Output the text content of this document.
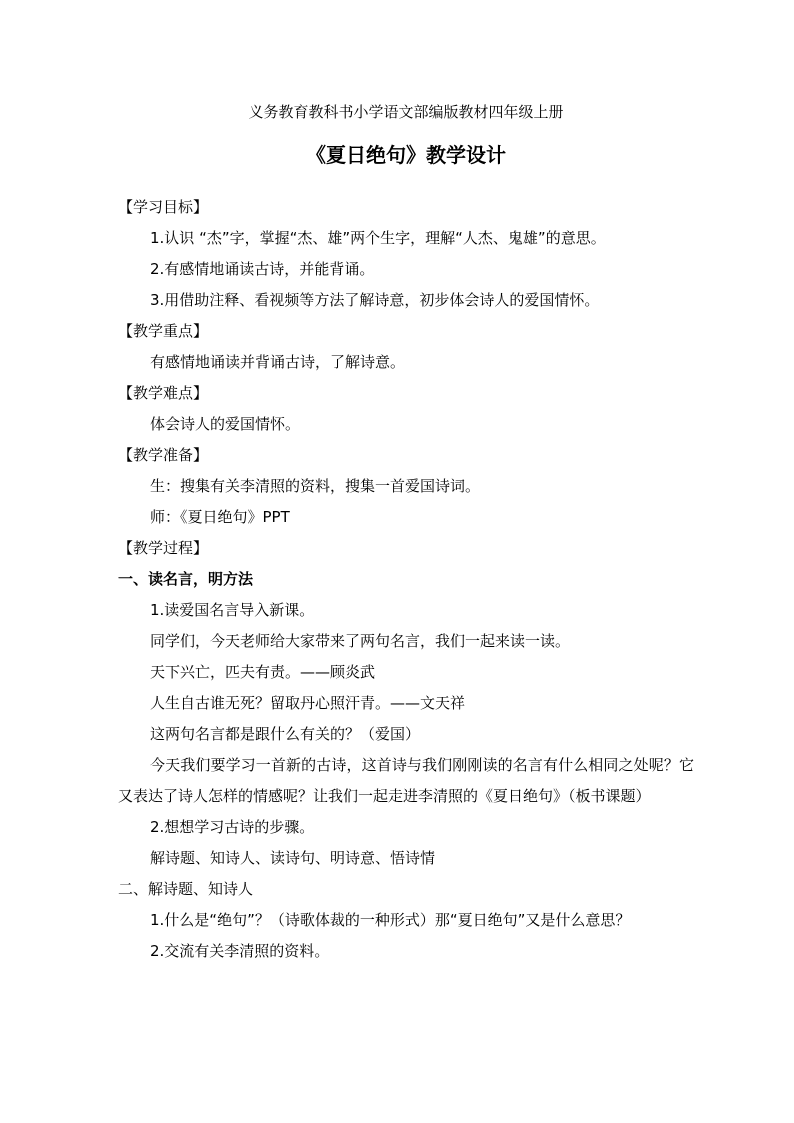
义务教育教科书小学语文部编版教材四年级上册
《夏日绝句》教学设计
【学习目标】
1.认识 “杰”字，掌握“杰、雄”两个生字，理解“人杰、鬼雄”的意思。
2.有感情地诵读古诗，并能背诵。
3.用借助注释、看视频等方法了解诗意，初步体会诗人的爱国情怀。
【教学重点】
有感情地诵读并背诵古诗，了解诗意。
【教学难点】
体会诗人的爱国情怀。
【教学准备】
生：搜集有关李清照的资料，搜集一首爱国诗词。
师：《夏日绝句》PPT
【教学过程】
一、读名言，明方法
1.读爱国名言导入新课。
同学们，今天老师给大家带来了两句名言，我们一起来读一读。
天下兴亡，匹夫有责。——顾炎武
人生自古谁无死？留取丹心照汗青。——文天祥
这两句名言都是跟什么有关的？（爱国）

今天我们要学习一首新的古诗，这首诗与我们刚刚读的名言有什么相同之处呢？它又表达了诗人怎样的情感呢？让我们一起走进李清照的《夏日绝句》（板书课题）

2.想想学习古诗的步骤。
解诗题、知诗人、读诗句、明诗意、悟诗情
二、解诗题、知诗人
1.什么是“绝句”？（诗歌体裁的一种形式）那“夏日绝句”又是什么意思？
2.交流有关李清照的资料。
